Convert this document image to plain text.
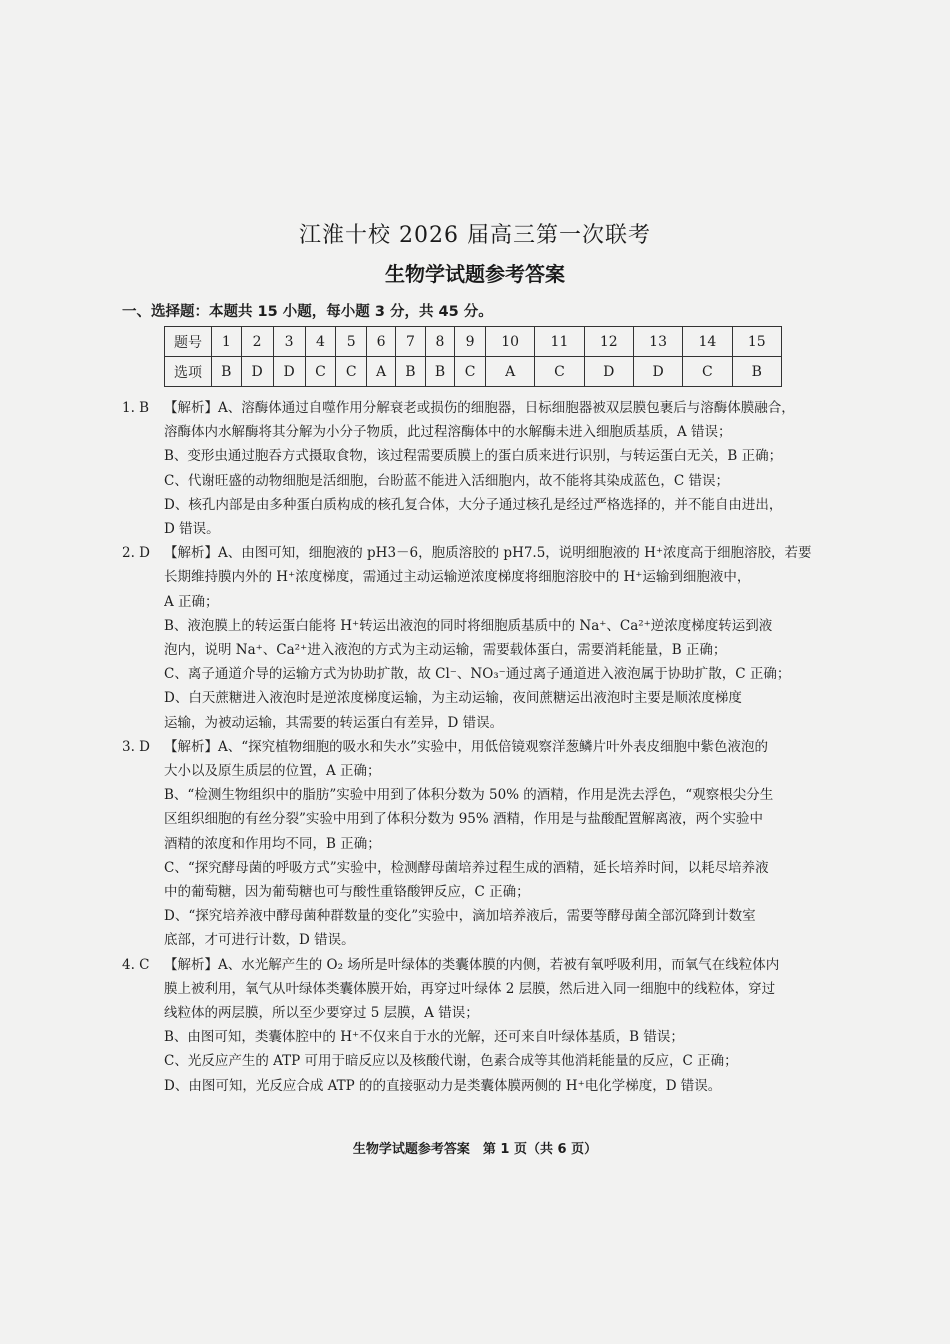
江淮十校 2026 届高三第一次联考
生物学试题参考答案
一、选择题：本题共 15 小题，每小题 3 分，共 45 分。
题号	1	2	3	4	5	6	7	8	9	10	11	12	13	14	15
选项	B	D	D	C	C	A	B	B	C	A	C	D	D	C	B
1. B	【解析】A、溶酶体通过自噬作用分解衰老或损伤的细胞器，日标细胞器被双层膜包裹后与溶酶体膜融合，
溶酶体内水解酶将其分解为小分子物质，此过程溶酶体中的水解酶未进入细胞质基质，A 错误；
B、变形虫通过胞吞方式摄取食物，该过程需要质膜上的蛋白质来进行识别，与转运蛋白无关，B 正确；
C、代谢旺盛的动物细胞是活细胞，台盼蓝不能进入活细胞内，故不能将其染成蓝色，C 错误；
D、核孔内部是由多种蛋白质构成的核孔复合体，大分子通过核孔是经过严格选择的，并不能自由进出，
D 错误。
2. D	【解析】A、由图可知，细胞液的 pH3－6，胞质溶胶的 pH7.5，说明细胞液的 H⁺浓度高于细胞溶胶，若要
长期维持膜内外的 H⁺浓度梯度，需通过主动运输逆浓度梯度将细胞溶胶中的 H⁺运输到细胞液中，
A 正确；
B、液泡膜上的转运蛋白能将 H⁺转运出液泡的同时将细胞质基质中的 Na⁺、Ca²⁺逆浓度梯度转运到液
泡内，说明 Na⁺、Ca²⁺进入液泡的方式为主动运输，需要载体蛋白，需要消耗能量，B 正确；
C、离子通道介导的运输方式为协助扩散，故 Cl⁻、NO₃⁻通过离子通道进入液泡属于协助扩散，C 正确；
D、白天蔗糖进入液泡时是逆浓度梯度运输，为主动运输，夜间蔗糖运出液泡时主要是顺浓度梯度
运输，为被动运输，其需要的转运蛋白有差异，D 错误。
3. D	【解析】A、“探究植物细胞的吸水和失水”实验中，用低倍镜观察洋葱鳞片叶外表皮细胞中紫色液泡的
大小以及原生质层的位置，A 正确；
B、“检测生物组织中的脂肪”实验中用到了体积分数为 50% 的酒精，作用是洗去浮色，“观察根尖分生
区组织细胞的有丝分裂”实验中用到了体积分数为 95% 酒精，作用是与盐酸配置解离液，两个实验中
酒精的浓度和作用均不同，B 正确；
C、“探究酵母菌的呼吸方式”实验中，检测酵母菌培养过程生成的酒精，延长培养时间，以耗尽培养液
中的葡萄糖，因为葡萄糖也可与酸性重铬酸钾反应，C 正确；
D、“探究培养液中酵母菌种群数量的变化”实验中，滴加培养液后，需要等酵母菌全部沉降到计数室
底部，才可进行计数，D 错误。
4. C	【解析】A、水光解产生的 O₂ 场所是叶绿体的类囊体膜的内侧，若被有氧呼吸利用，而氧气在线粒体内
膜上被利用，氧气从叶绿体类囊体膜开始，再穿过叶绿体 2 层膜，然后进入同一细胞中的线粒体，穿过
线粒体的两层膜，所以至少要穿过 5 层膜，A 错误；
B、由图可知，类囊体腔中的 H⁺不仅来自于水的光解，还可来自叶绿体基质，B 错误；
C、光反应产生的 ATP 可用于暗反应以及核酸代谢，色素合成等其他消耗能量的反应，C 正确；
D、由图可知，光反应合成 ATP 的的直接驱动力是类囊体膜两侧的 H⁺电化学梯度，D 错误。
生物学试题参考答案　第 1 页（共 6 页）
